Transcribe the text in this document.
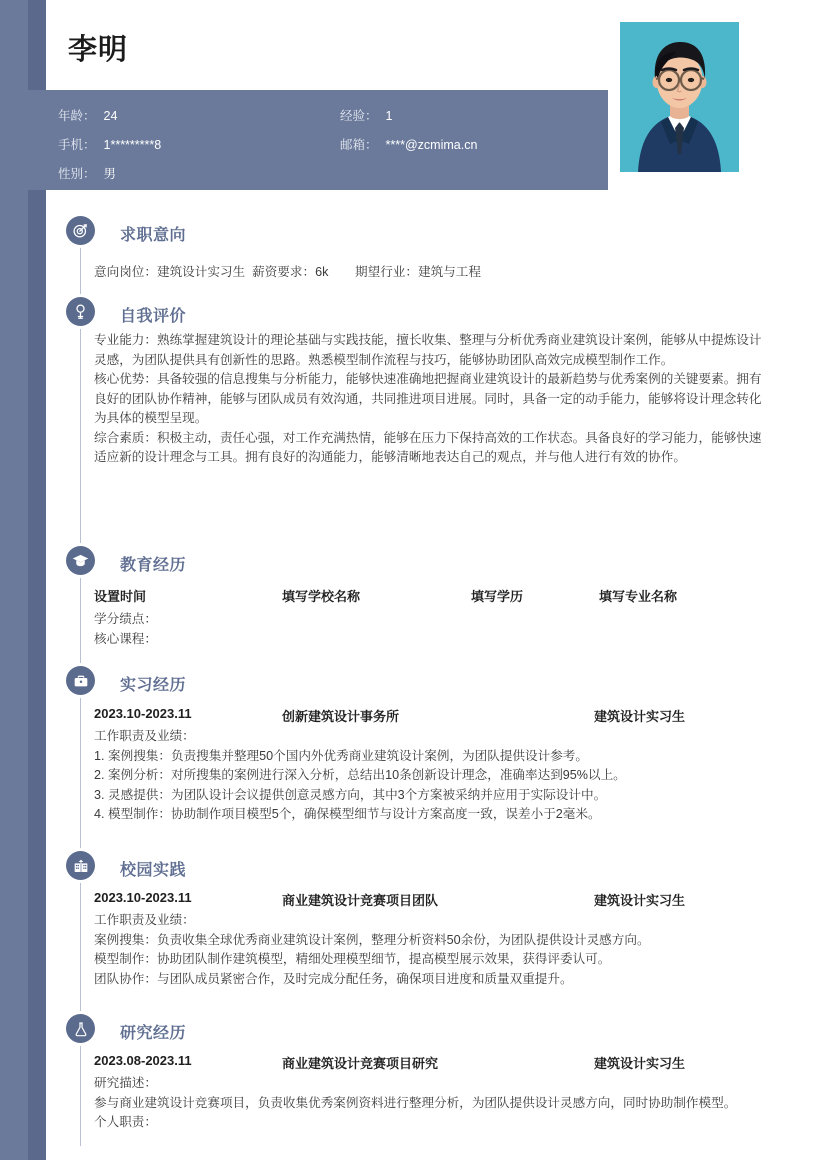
李明
年龄： 24	经验： 1
手机： 1*********8	邮箱： ****@zcmima.cn
性别： 男
求职意向
意向岗位：建筑设计实习生  薪资要求：6k 期望行业：建筑与工程
自我评价

专业能力：熟练掌握建筑设计的理论基础与实践技能，擅长收集、整理与分析优秀商业建筑设计案例，能够从中提炼设计灵感，为团队提供具有创新性的思路。熟悉模型制作流程与技巧，能够协助团队高效完成模型制作工作。

核心优势：具备较强的信息搜集与分析能力，能够快速准确地把握商业建筑设计的最新趋势与优秀案例的关键要素。拥有良好的团队协作精神，能够与团队成员有效沟通，共同推进项目进展。同时，具备一定的动手能力，能够将设计理念转化为具体的模型呈现。

综合素质：积极主动，责任心强，对工作充满热情，能够在压力下保持高效的工作状态。具备良好的学习能力，能够快速适应新的设计理念与工具。拥有良好的沟通能力，能够清晰地表达自己的观点，并与他人进行有效的协作。

教育经历
设置时间	填写学校名称	填写学历	填写专业名称
学分绩点：
核心课程：
实习经历
2023.10-2023.11	创新建筑设计事务所	建筑设计实习生

工作职责及业绩：

1. 案例搜集：负责搜集并整理50个国内外优秀商业建筑设计案例，为团队提供设计参考。

2. 案例分析：对所搜集的案例进行深入分析，总结出10条创新设计理念，准确率达到95%以上。

3. 灵感提供：为团队设计会议提供创意灵感方向，其中3个方案被采纳并应用于实际设计中。

4. 模型制作：协助制作项目模型5个，确保模型细节与设计方案高度一致，误差小于2毫米。

校园实践
2023.10-2023.11	商业建筑设计竞赛项目团队	建筑设计实习生

工作职责及业绩：

案例搜集：负责收集全球优秀商业建筑设计案例，整理分析资料50余份，为团队提供设计灵感方向。

模型制作：协助团队制作建筑模型，精细处理模型细节，提高模型展示效果，获得评委认可。

团队协作：与团队成员紧密合作，及时完成分配任务，确保项目进度和质量双重提升。

研究经历
2023.08-2023.11	商业建筑设计竞赛项目研究	建筑设计实习生

研究描述：

参与商业建筑设计竞赛项目，负责收集优秀案例资料进行整理分析，为团队提供设计灵感方向，同时协助制作模型。

个人职责：
